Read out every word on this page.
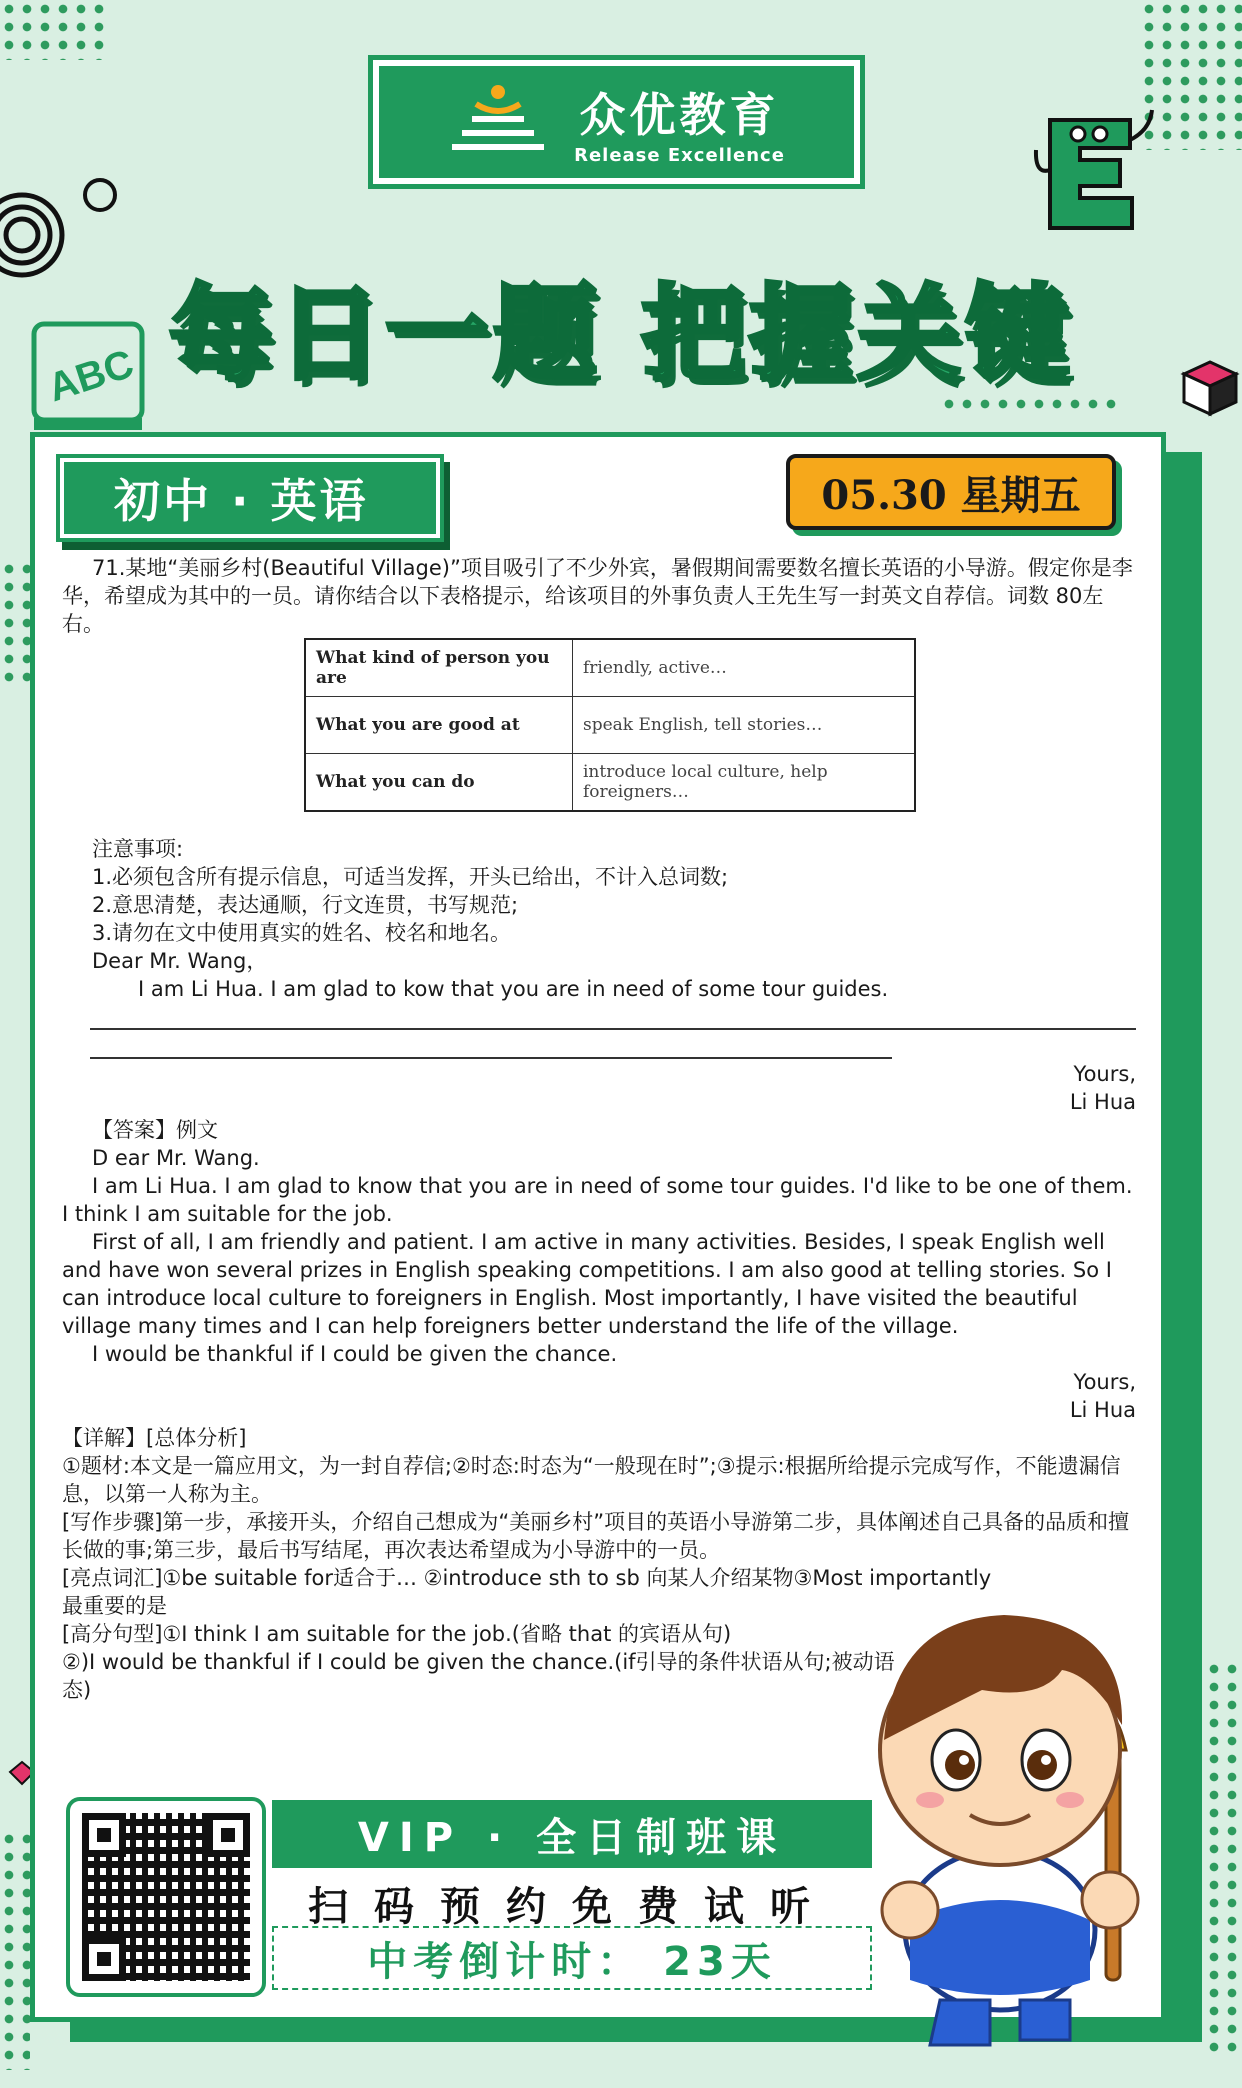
ABC
众优教育
Release Excellence
每日一题 把握关键
初中 · 英语	05.30 星期五

71.某地“美丽乡村(Beautiful Village)”项目吸引了不少外宾，暑假期间需要数名擅长英语的小导游。假定你是李华，希望成为其中的一员。请你结合以下表格提示，给该项目的外事负责人王先生写一封英文自荐信。词数 80左右。

What kind of person you are	friendly, active…
What you are good at	speak English, tell stories…
What you can do	introduce local culture, help foreigners…

注意事项:

1.必须包含所有提示信息，可适当发挥，开头已给出，不计入总词数;

2.意思清楚，表达通顺，行文连贯，书写规范;

3.请勿在文中使用真实的姓名、校名和地名。

Dear Mr. Wang，

I am Li Hua. I am glad to kow that you are in need of some tour guides.

Yours,

Li Hua

【答案】例文

D ear Mr. Wang.

I am Li Hua. I am glad to know that you are in need of some tour guides. I'd like to be one of them. I think I am suitable for the job.

First of all, I am friendly and patient. I am active in many activities. Besides, I speak English well and have won several prizes in English speaking competitions. I am also good at telling stories. So I can introduce local culture to foreigners in English. Most importantly, I have visited the beautiful village many times and I can help foreigners better understand the life of the village.

I would be thankful if I could be given the chance.

Yours,

Li Hua

【详解】[总体分析]

①题材:本文是一篇应用文，为一封自荐信;②时态:时态为“一般现在时”;③提示:根据所给提示完成写作，不能遗漏信息，以第一人称为主。

[写作步骤]第一步，承接开头，介绍自己想成为“美丽乡村”项目的英语小导游第二步，具体阐述自己具备的品质和擅长做的事;第三步，最后书写结尾，再次表达希望成为小导游中的一员。

[亮点词汇]①be suitable for适合于… ②introduce sth to sb 向某人介绍某物③Most importantly

最重要的是

[高分句型]①I think I am suitable for the job.(省略 that 的宾语从句)

②)I would be thankful if I could be given the chance.(if引导的条件状语从句;被动语态)

VIP · 全日制班课
扫码预约免费试听
中考倒计时： 23天
